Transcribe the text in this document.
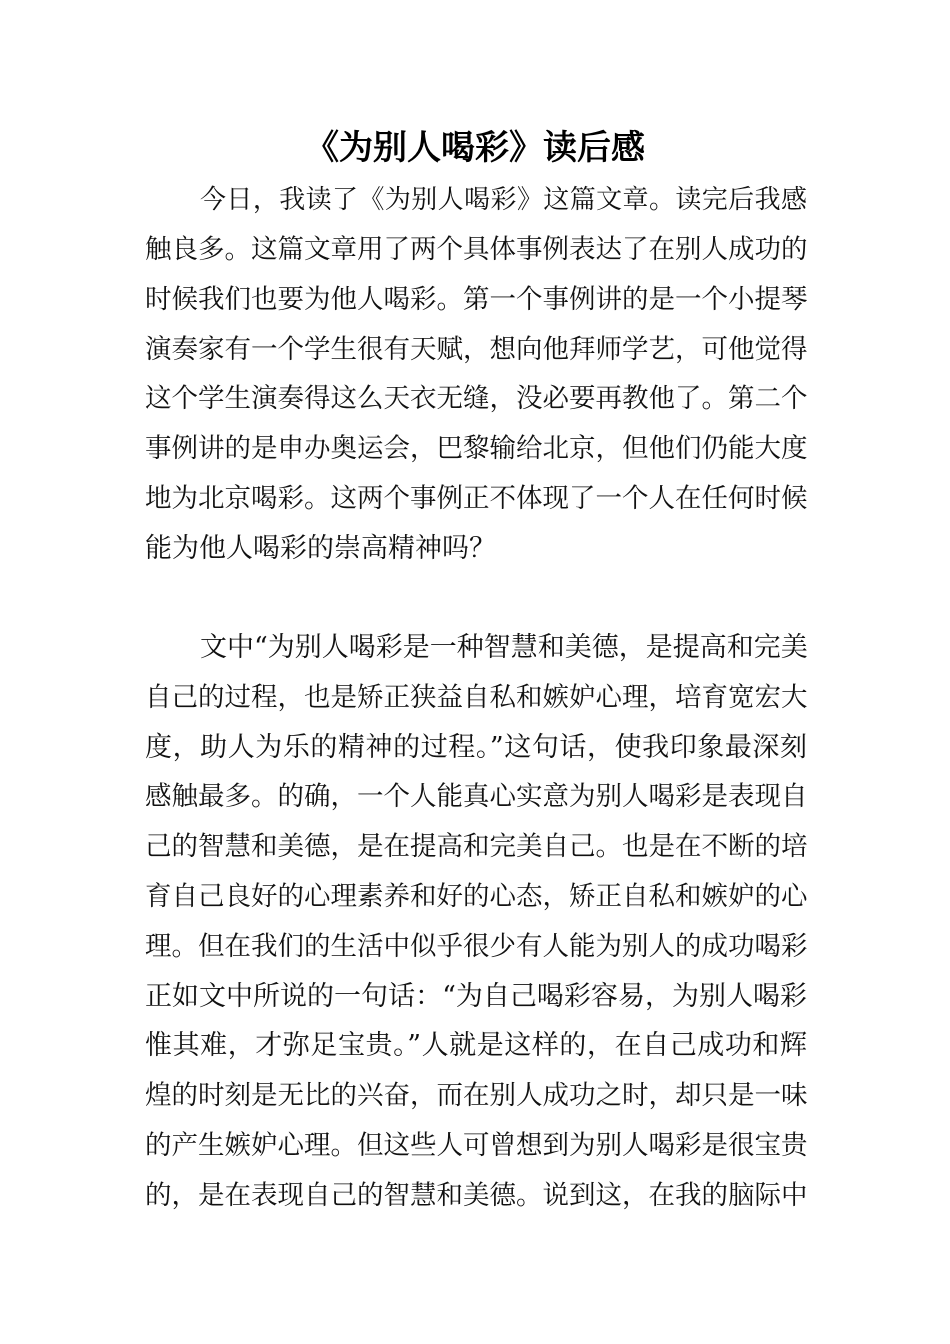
《为别人喝彩》读后感
今日，我读了《为别人喝彩》这篇文章。读完后我感
触良多。这篇文章用了两个具体事例表达了在别人成功的
时候我们也要为他人喝彩。第一个事例讲的是一个小提琴
演奏家有一个学生很有天赋，想向他拜师学艺，可他觉得
这个学生演奏得这么天衣无缝，没必要再教他了。第二个
事例讲的是申办奥运会，巴黎输给北京，但他们仍能大度
地为北京喝彩。这两个事例正不体现了一个人在任何时候
能为他人喝彩的崇高精神吗？
文中“为别人喝彩是一种智慧和美德，是提高和完美
自己的过程，也是矫正狭益自私和嫉妒心理，培育宽宏大
度，助人为乐的精神的过程。”这句话，使我印象最深刻
感触最多。的确，一个人能真心实意为别人喝彩是表现自
己的智慧和美德，是在提高和完美自己。也是在不断的培
育自己良好的心理素养和好的心态，矫正自私和嫉妒的心
理。但在我们的生活中似乎很少有人能为别人的成功喝彩
正如文中所说的一句话：“为自己喝彩容易，为别人喝彩
惟其难，才弥足宝贵。”人就是这样的，在自己成功和辉
煌的时刻是无比的兴奋，而在别人成功之时，却只是一味
的产生嫉妒心理。但这些人可曾想到为别人喝彩是很宝贵
的，是在表现自己的智慧和美德。说到这，在我的脑际中
